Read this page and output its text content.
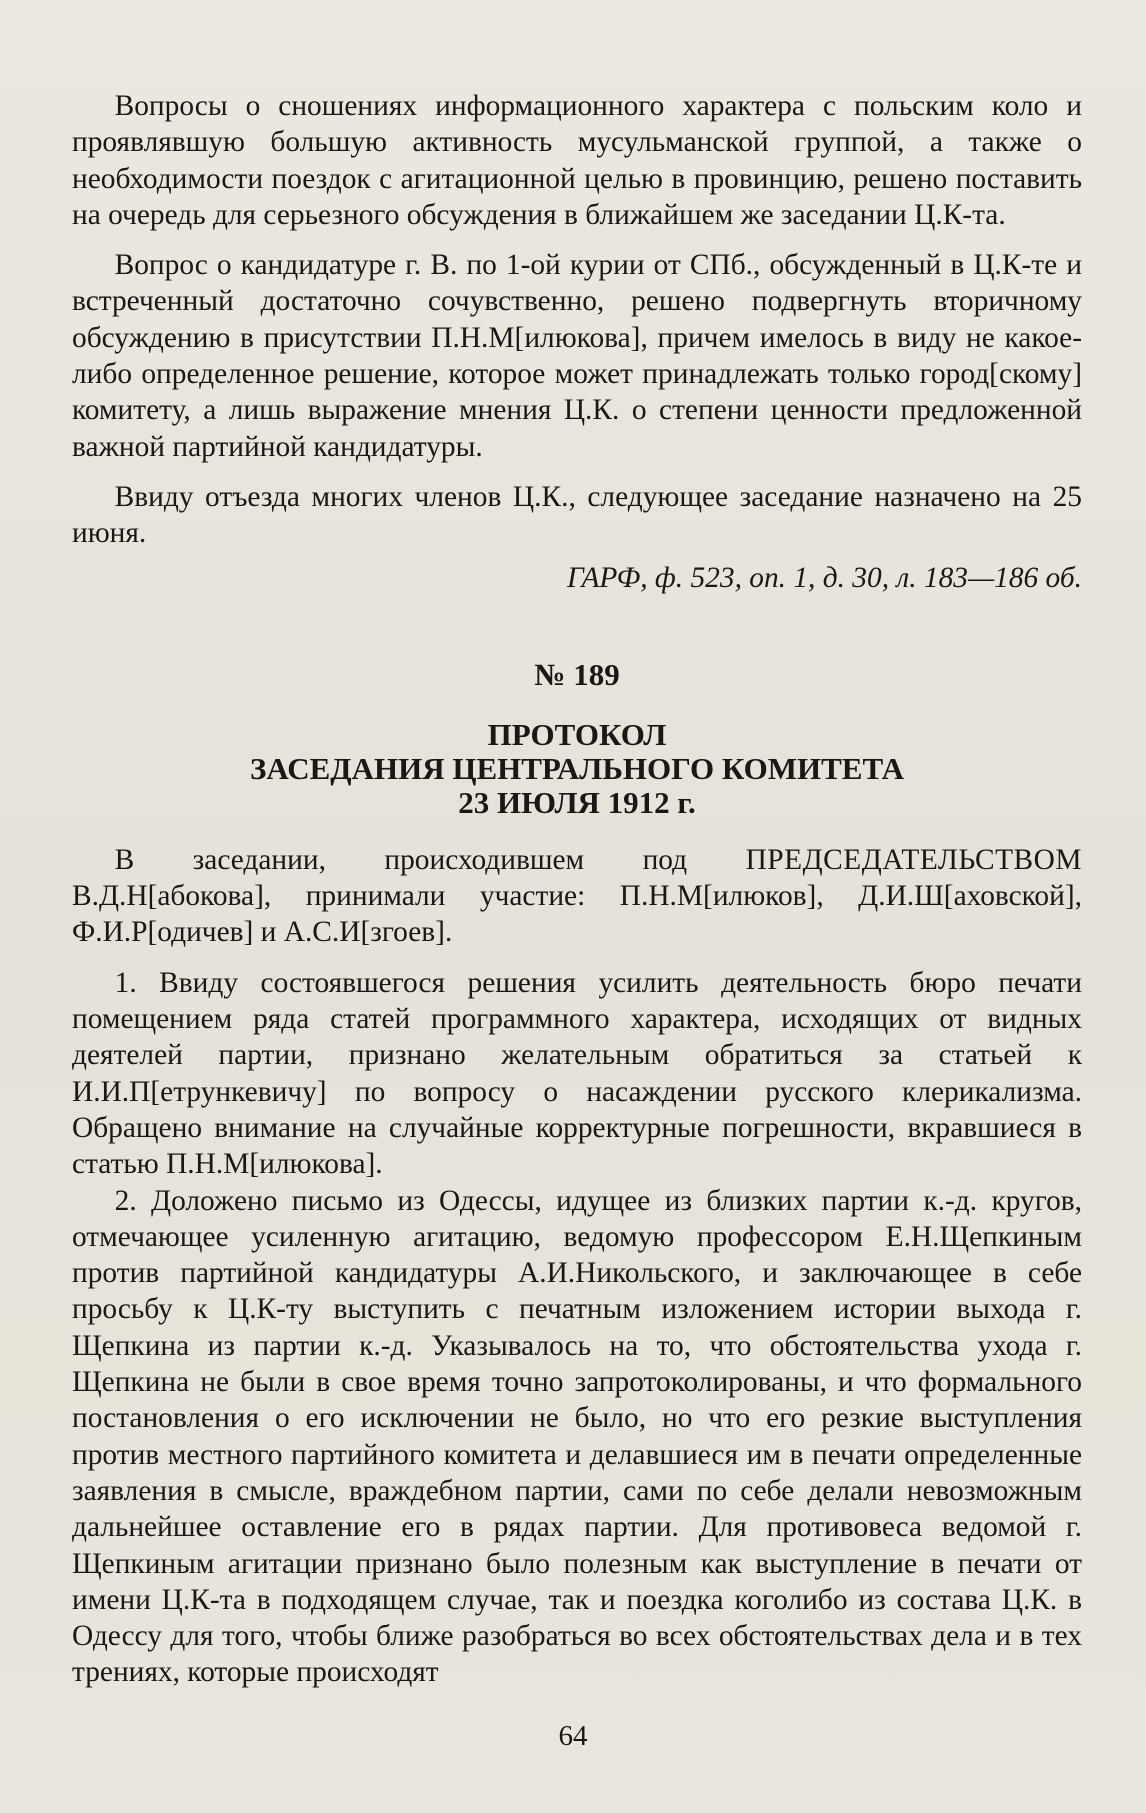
Вопросы о сношениях информационного характера с польским коло и проявлявшую большую активность мусульманской группой, а также о необходимости поездок с агитационной целью в провинцию, решено поставить на очередь для серьезного обсуждения в ближайшем же заседании Ц.К-та.

Вопрос о кандидатуре г. В. по 1-ой курии от СПб., обсужденный в Ц.К-те и встреченный достаточно сочувственно, решено подвергнуть вторичному обсуждению в присутствии П.Н.М[илюкова], причем имелось в виду не какое-либо определенное решение, которое может принадлежать только город[скому] комитету, а лишь выражение мнения Ц.К. о степени ценности предложенной важной партийной кандидатуры.

Ввиду отъезда многих членов Ц.К., следующее заседание назначено на 25 июня.

ГАРФ, ф. 523, оп. 1, д. 30, л. 183—186 об.

№ 189
ПРОТОКОЛ
ЗАСЕДАНИЯ ЦЕНТРАЛЬНОГО КОМИТЕТА
23 ИЮЛЯ 1912 г.

В заседании, происходившем под ПРЕДСЕДАТЕЛЬСТВОМ В.Д.Н[абокова], принимали участие: П.Н.М[илюков], Д.И.Ш[аховской], Ф.И.Р[одичев] и А.С.И[згоев].

1. Ввиду состоявшегося решения усилить деятельность бюро печати помещением ряда статей программного характера, исходящих от видных деятелей партии, признано желательным обратиться за статьей к И.И.П[етрункевичу] по вопросу о насаждении русского клерикализма. Обращено внимание на случайные корректурные погрешности, вкравшиеся в статью П.Н.М[илюкова].

2. Доложено письмо из Одессы, идущее из близких партии к.-д. кругов, отмечающее усиленную агитацию, ведомую профессором Е.Н.Щепкиным против партийной кандидатуры А.И.Никольского, и заключающее в себе просьбу к Ц.К-ту выступить с печатным изложением истории выхода г. Щепкина из партии к.-д. Указывалось на то, что обстоятельства ухода г. Щепкина не были в свое время точно запротоколированы, и что формального постановления о его исключении не было, но что его резкие выступления против местного партийного комитета и делавшиеся им в печати определенные заявления в смысле, враждебном партии, сами по себе делали невозможным дальнейшее оставление его в рядах партии. Для противовеса ведомой г. Щепкиным агитации признано было полезным как выступление в печати от имени Ц.К-та в подходящем случае, так и поездка коголибо из состава Ц.К. в Одессу для того, чтобы ближе разобраться во всех обстоятельствах дела и в тех трениях, которые происходят

64
